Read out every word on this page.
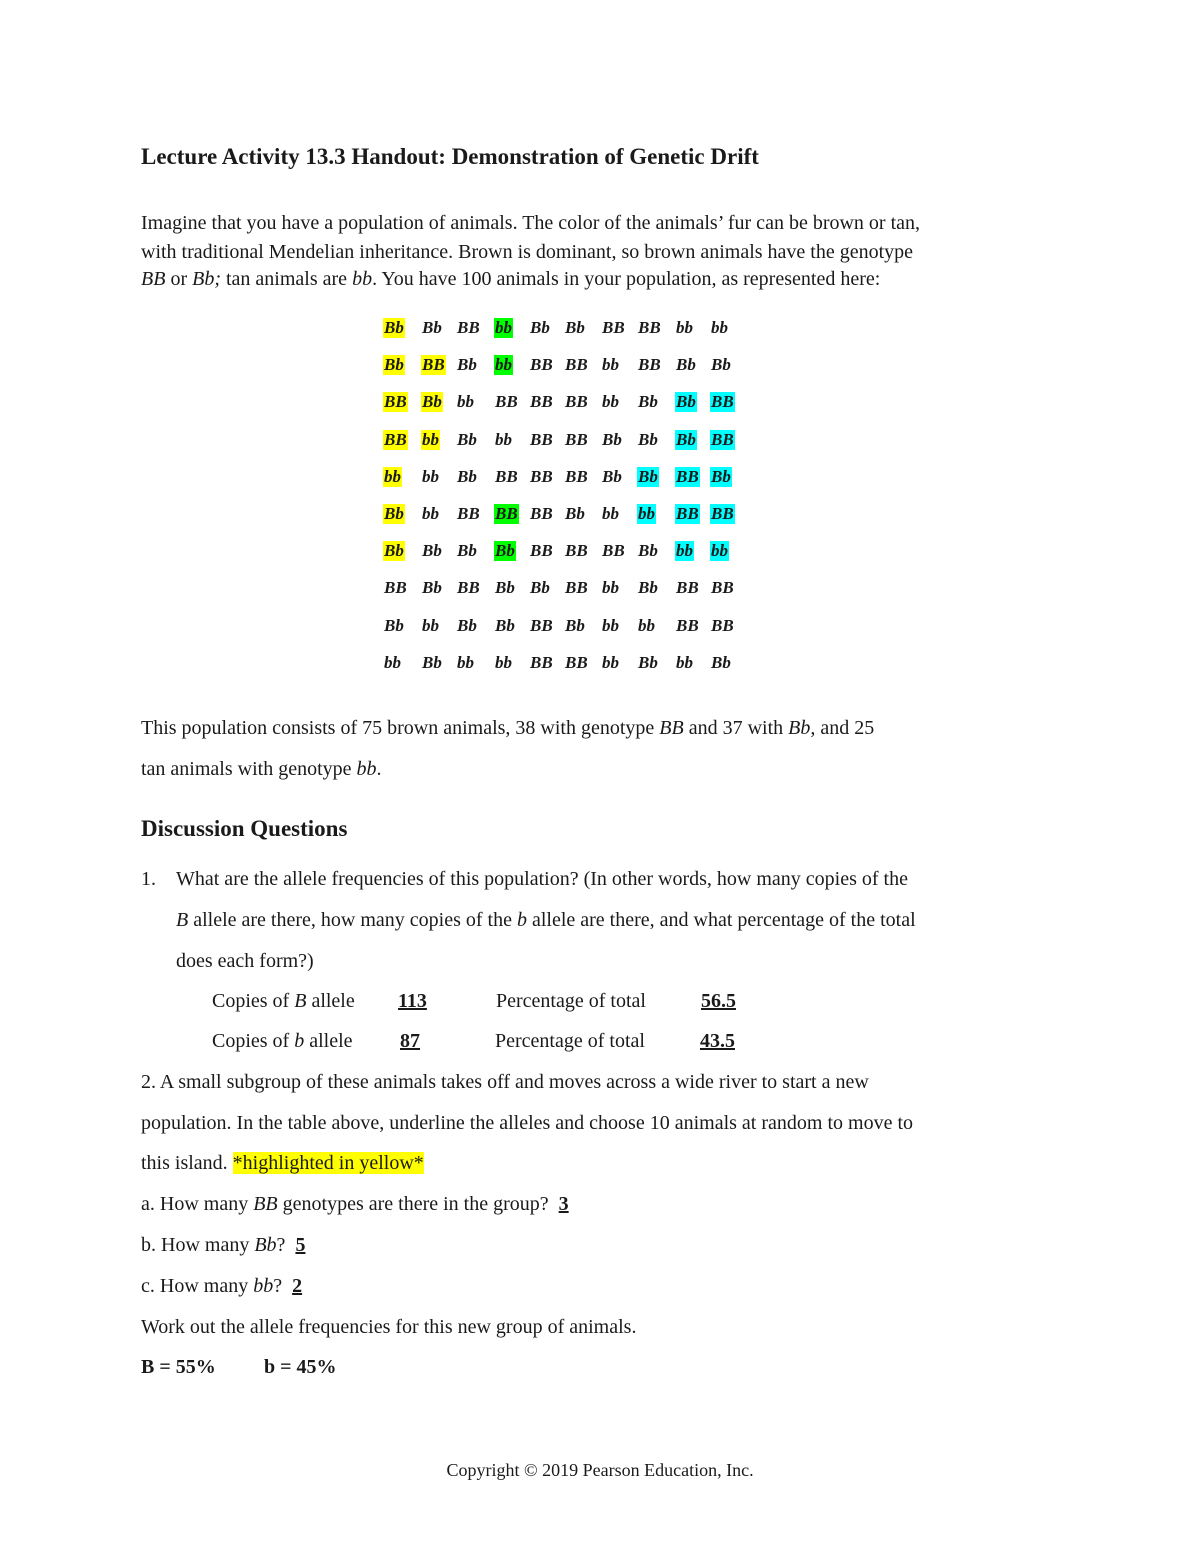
Lecture Activity 13.3 Handout: Demonstration of Genetic Drift
Imagine that you have a population of animals. The color of the animals’ fur can be brown or tan,
with traditional Mendelian inheritance. Brown is dominant, so brown animals have the genotype
BB or Bb; tan animals are bb. You have 100 animals in your population, as represented here:
Bb Bb BB bb Bb Bb BB BB bb bb
Bb BB Bb bb BB BB bb BB Bb Bb
BB Bb bb BB BB BB bb Bb Bb BB
BB bb Bb bb BB BB Bb Bb Bb BB
bb bb Bb BB BB BB Bb Bb BB Bb
Bb bb BB BB BB Bb bb bb BB BB
Bb Bb Bb Bb BB BB BB Bb bb bb
BB Bb BB Bb Bb BB bb Bb BB BB
Bb bb Bb Bb BB Bb bb bb BB BB
bb Bb bb bb BB BB bb Bb bb Bb
This population consists of 75 brown animals, 38 with genotype BB and 37 with Bb, and 25
tan animals with genotype bb.
Discussion Questions
1. What are the allele frequencies of this population? (In other words, how many copies of the
B allele are there, how many copies of the b allele are there, and what percentage of the total
does each form?)
Copies of B allele 113	Percentage of total	56.5
Copies of b allele 87	Percentage of total	43.5
2. A small subgroup of these animals takes off and moves across a wide river to start a new
population. In the table above, underline the alleles and choose 10 animals at random to move to
this island. *highlighted in yellow*
a. How many BB genotypes are there in the group? 3
b. How many Bb? 5
c. How many bb? 2
Work out the allele frequencies for this new group of animals.
B = 55% b = 45%
Copyright © 2019 Pearson Education, Inc.
